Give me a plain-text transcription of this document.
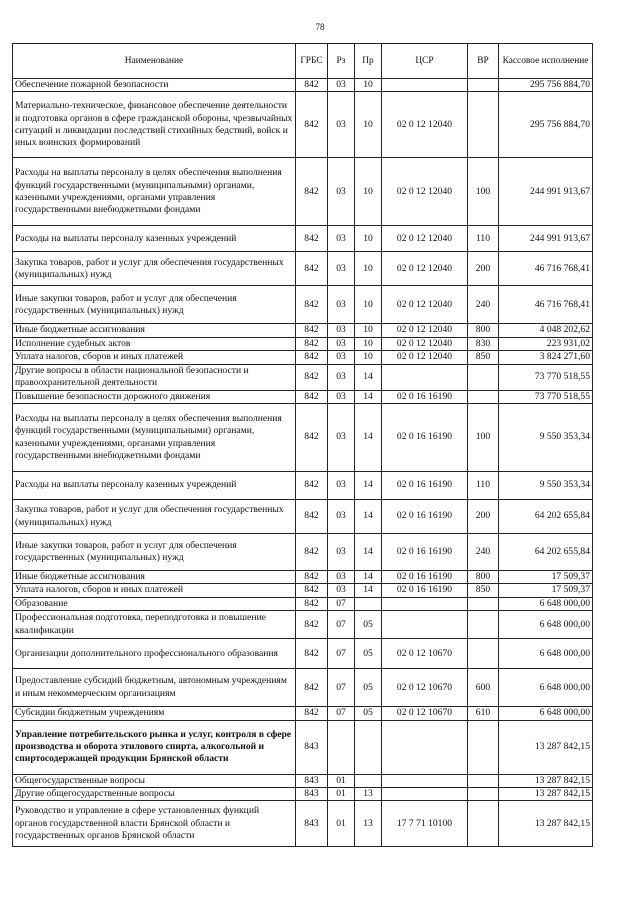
78
Наименование	ГРБС	Рз	Пр	ЦСР	ВР	Кассовое исполнение
Обеспечение пожарной безопасности	842	03	10			295 756 884,70
Материально-техническое, финансовое обеспечение деятельности и подготовка органов в сфере гражданской обороны, чрезвычайных ситуаций и ликвидации последствий стихийных бедствий, войск и иных воинских формирований	842	03	10	02 0 12 12040		295 756 884,70
Расходы на выплаты персоналу в целях обеспечения выполнения функций государственными (муниципальными) органами, казенными учреждениями, органами управления государственными внебюджетными фондами	842	03	10	02 0 12 12040	100	244 991 913,67
Расходы на выплаты персоналу казенных учреждений	842	03	10	02 0 12 12040	110	244 991 913,67
Закупка товаров, работ и услуг для обеспечения государственных (муниципальных) нужд	842	03	10	02 0 12 12040	200	46 716 768,41
Иные закупки товаров, работ и услуг для обеспечения государственных (муниципальных) нужд	842	03	10	02 0 12 12040	240	46 716 768,41
Иные бюджетные ассигнования	842	03	10	02 0 12 12040	800	4 048 202,62
Исполнение судебных актов	842	03	10	02 0 12 12040	830	223 931,02
Уплата налогов, сборов и иных платежей	842	03	10	02 0 12 12040	850	3 824 271,60
Другие вопросы в области национальной безопасности и правоохранительной деятельности	842	03	14			73 770 518,55
Повышение безопасности дорожного движения	842	03	14	02 0 16 16190		73 770 518,55
Расходы на выплаты персоналу в целях обеспечения выполнения функций государственными (муниципальными) органами, казенными учреждениями, органами управления государственными внебюджетными фондами	842	03	14	02 0 16 16190	100	9 550 353,34
Расходы на выплаты персоналу казенных учреждений	842	03	14	02 0 16 16190	110	9 550 353,34
Закупка товаров, работ и услуг для обеспечения государственных (муниципальных) нужд	842	03	14	02 0 16 16190	200	64 202 655,84
Иные закупки товаров, работ и услуг для обеспечения государственных (муниципальных) нужд	842	03	14	02 0 16 16190	240	64 202 655,84
Иные бюджетные ассигнования	842	03	14	02 0 16 16190	800	17 509,37
Уплата налогов, сборов и иных платежей	842	03	14	02 0 16 16190	850	17 509,37
Образование	842	07				6 648 000,00
Профессиональная подготовка, переподготовка и повышение квалификации	842	07	05			6 648 000,00
Организации дополнительного профессионального образования	842	07	05	02 0 12 10670		6 648 000,00
Предоставление субсидий бюджетным, автономным учреждениям и иным некоммерческим организациям	842	07	05	02 0 12 10670	600	6 648 000,00
Субсидии бюджетным учреждениям	842	07	05	02 0 12 10670	610	6 648 000,00
Управление потребительского рынка и услуг, контроля в сфере производства и оборота этилового спирта, алкогольной и спиртосодержащей продукции Брянской области	843					13 287 842,15
Общегосударственные вопросы	843	01				13 287 842,15
Другие общегосударственные вопросы	843	01	13			13 287 842,15
Руководство и управление в сфере установленных функций органов государственной власти Брянской области и государственных органов Брянской области	843	01	13	17 7 71 10100		13 287 842,15
